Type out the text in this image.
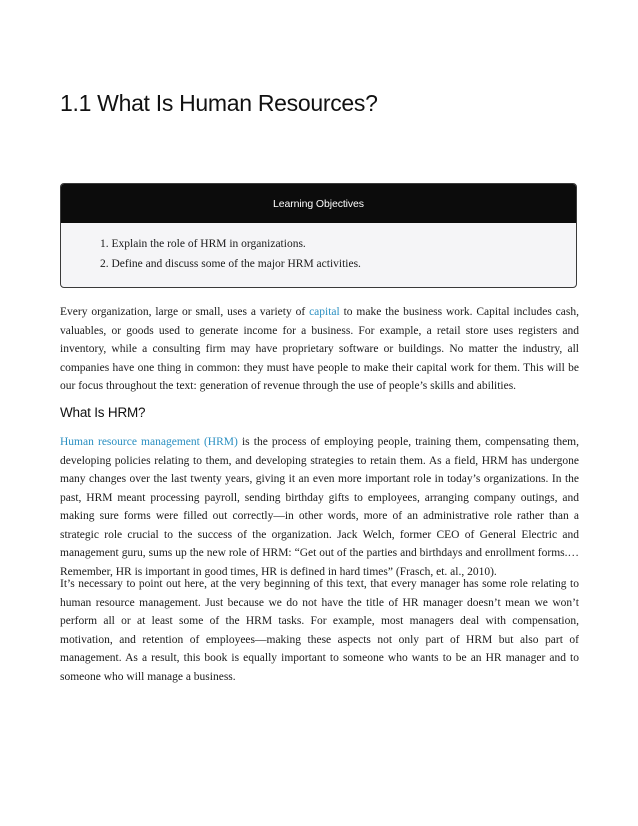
1.1 What Is Human Resources?
Learning Objectives
1. Explain the role of HRM in organizations.
2. Define and discuss some of the major HRM activities.

Every organization, large or small, uses a variety of capital to make the business work. Capital includes cash, valuables, or goods used to generate income for a business. For example, a retail store uses registers and inventory, while a consulting firm may have proprietary software or buildings. No matter the industry, all companies have one thing in common: they must have people to make their capital work for them. This will be our focus throughout the text: generation of revenue through the use of people’s skills and abilities.

What Is HRM?

Human resource management (HRM) is the process of employing people, training them, compensating them, developing policies relating to them, and developing strategies to retain them. As a field, HRM has undergone many changes over the last twenty years, giving it an even more important role in today’s organizations. In the past, HRM meant processing payroll, sending birthday gifts to employees, arranging company outings, and making sure forms were filled out correctly—in other words, more of an administrative role rather than a strategic role crucial to the success of the organization. Jack Welch, former CEO of General Electric and management guru, sums up the new role of HRM: “Get out of the parties and birthdays and enrollment forms.… Remember, HR is important in good times, HR is defined in hard times” (Frasch, et. al., 2010).

It’s necessary to point out here, at the very beginning of this text, that every manager has some role relating to human resource management. Just because we do not have the title of HR manager doesn’t mean we won’t perform all or at least some of the HRM tasks. For example, most managers deal with compensation, motivation, and retention of employees—making these aspects not only part of HRM but also part of management. As a result, this book is equally important to someone who wants to be an HR manager and to someone who will manage a business.
